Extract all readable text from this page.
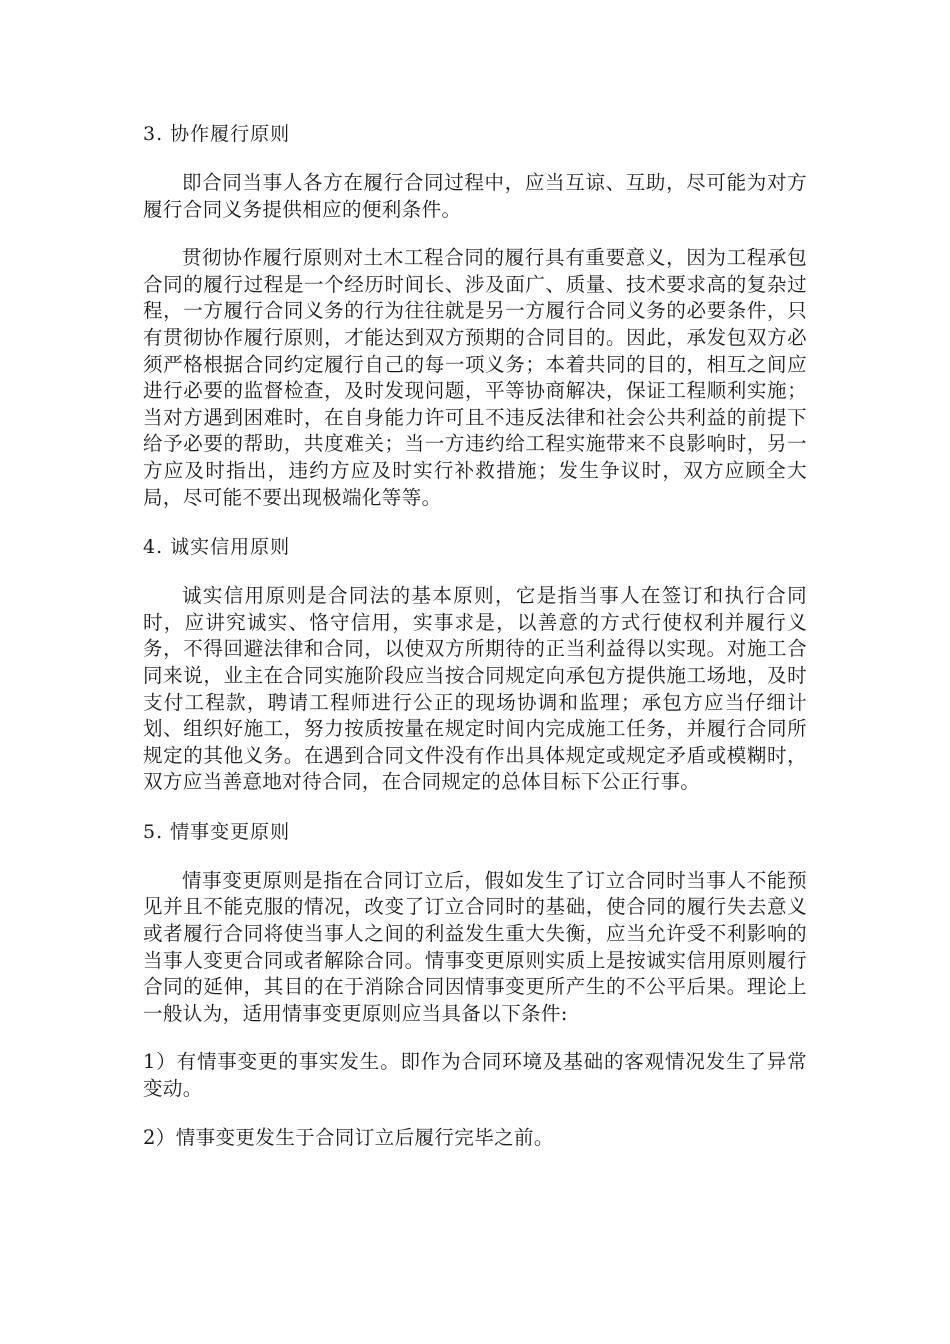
3. 协作履行原则

即合同当事人各方在履行合同过程中，应当互谅、互助，尽可能为对方履行合同义务提供相应的便利条件。

贯彻协作履行原则对土木工程合同的履行具有重要意义，因为工程承包合同的履行过程是一个经历时间长、涉及面广、质量、技术要求高的复杂过程，一方履行合同义务的行为往往就是另一方履行合同义务的必要条件，只有贯彻协作履行原则，才能达到双方预期的合同目的。因此，承发包双方必须严格根据合同约定履行自己的每一项义务；本着共同的目的，相互之间应进行必要的监督检查，及时发现问题，平等协商解决，保证工程顺利实施；当对方遇到困难时，在自身能力许可且不违反法律和社会公共利益的前提下给予必要的帮助，共度难关；当一方违约给工程实施带来不良影响时，另一方应及时指出，违约方应及时实行补救措施；发生争议时，双方应顾全大局，尽可能不要出现极端化等等。

4. 诚实信用原则

诚实信用原则是合同法的基本原则，它是指当事人在签订和执行合同时，应讲究诚实、恪守信用，实事求是，以善意的方式行使权利并履行义务，不得回避法律和合同，以使双方所期待的正当利益得以实现。对施工合同来说，业主在合同实施阶段应当按合同规定向承包方提供施工场地，及时支付工程款，聘请工程师进行公正的现场协调和监理；承包方应当仔细计划、组织好施工，努力按质按量在规定时间内完成施工任务，并履行合同所规定的其他义务。在遇到合同文件没有作出具体规定或规定矛盾或模糊时，双方应当善意地对待合同，在合同规定的总体目标下公正行事。

5. 情事变更原则

情事变更原则是指在合同订立后，假如发生了订立合同时当事人不能预见并且不能克服的情况，改变了订立合同时的基础，使合同的履行失去意义或者履行合同将使当事人之间的利益发生重大失衡，应当允许受不利影响的当事人变更合同或者解除合同。情事变更原则实质上是按诚实信用原则履行合同的延伸，其目的在于消除合同因情事变更所产生的不公平后果。理论上一般认为，适用情事变更原则应当具备以下条件:

1）有情事变更的事实发生。即作为合同环境及基础的客观情况发生了异常变动。

2）情事变更发生于合同订立后履行完毕之前。
